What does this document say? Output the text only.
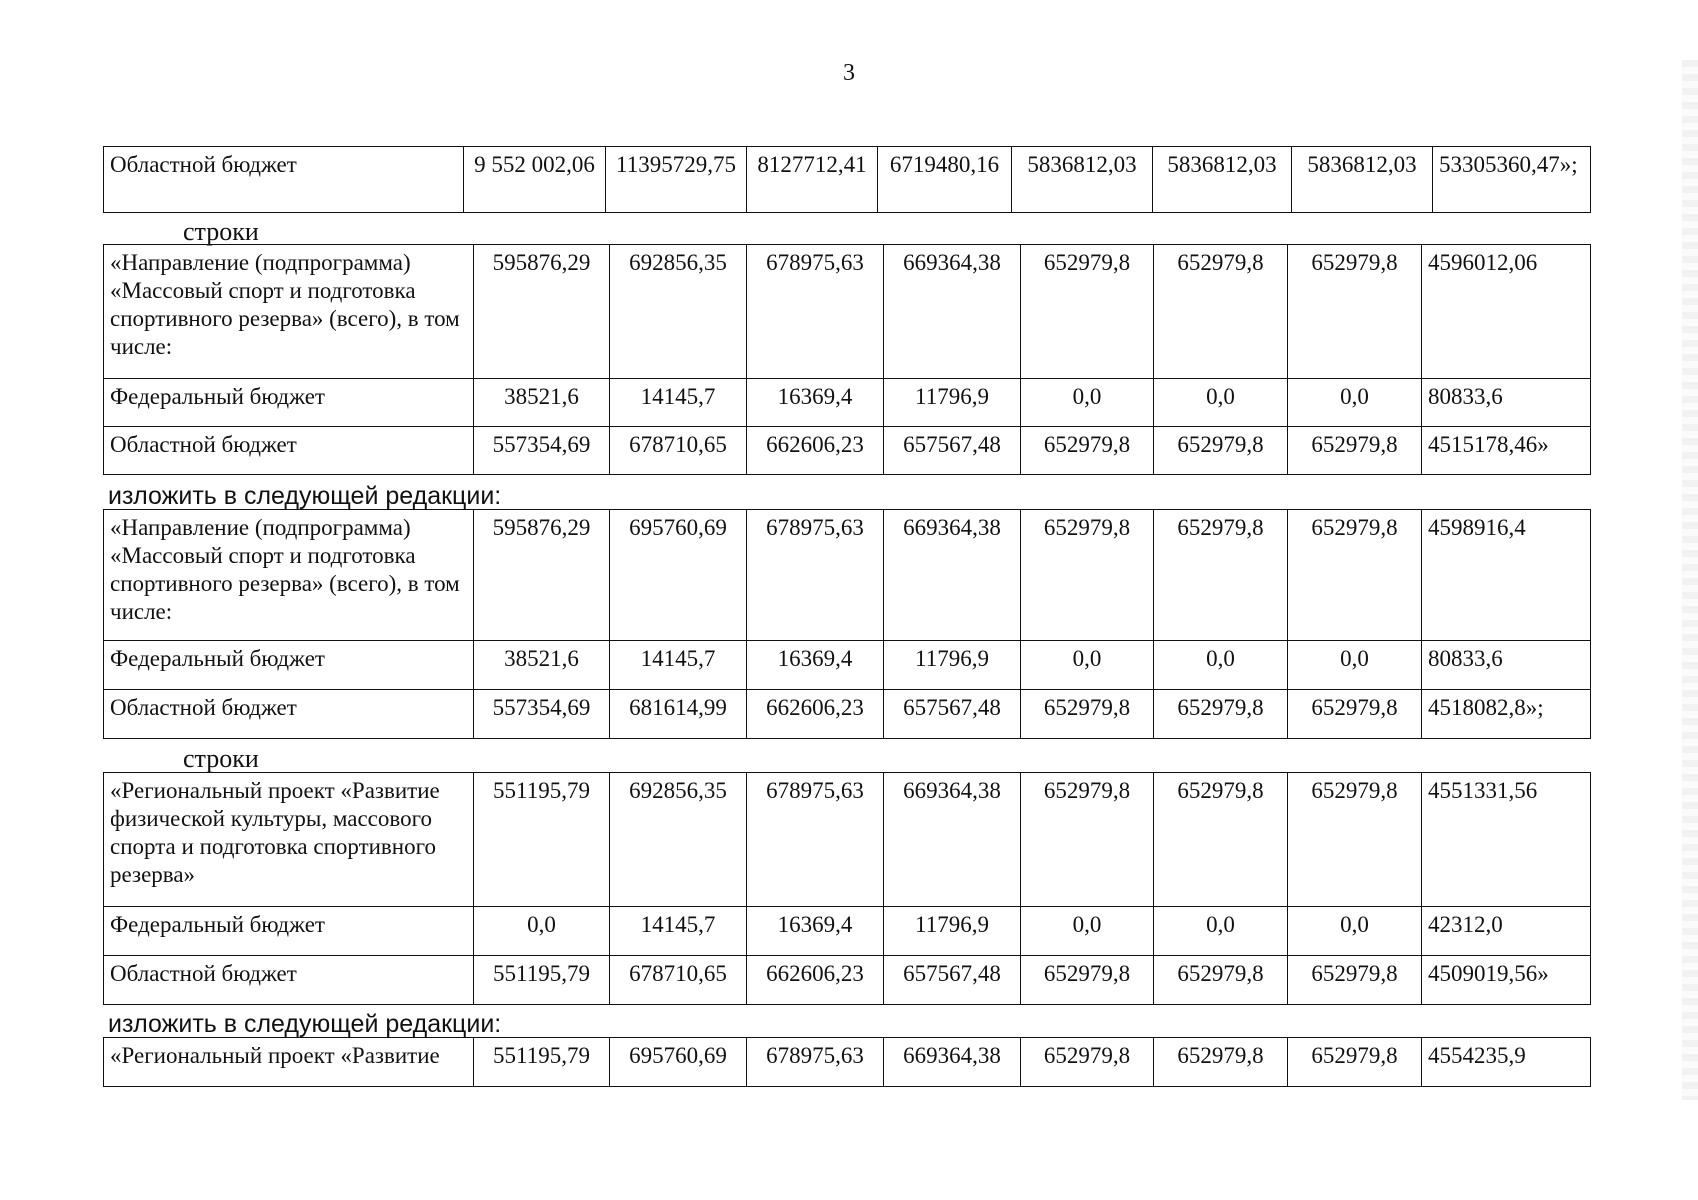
3
Областной бюджет	9 552 002,06	11395729,75	8127712,41	6719480,16	5836812,03	5836812,03	5836812,03	53305360,47»;
строки
«Направление (подпрограмма) «Массовый спорт и подготовка спортивного резерва» (всего), в том числе:	595876,29	692856,35	678975,63	669364,38	652979,8	652979,8	652979,8	4596012,06
Федеральный бюджет	38521,6	14145,7	16369,4	11796,9	0,0	0,0	0,0	80833,6
Областной бюджет	557354,69	678710,65	662606,23	657567,48	652979,8	652979,8	652979,8	4515178,46»
изложить в следующей редакции:
«Направление (подпрограмма) «Массовый спорт и подготовка спортивного резерва» (всего), в том числе:	595876,29	695760,69	678975,63	669364,38	652979,8	652979,8	652979,8	4598916,4
Федеральный бюджет	38521,6	14145,7	16369,4	11796,9	0,0	0,0	0,0	80833,6
Областной бюджет	557354,69	681614,99	662606,23	657567,48	652979,8	652979,8	652979,8	4518082,8»;
строки
«Региональный проект «Развитие физической культуры, массового спорта и подготовка спортивного резерва»	551195,79	692856,35	678975,63	669364,38	652979,8	652979,8	652979,8	4551331,56
Федеральный бюджет	0,0	14145,7	16369,4	11796,9	0,0	0,0	0,0	42312,0
Областной бюджет	551195,79	678710,65	662606,23	657567,48	652979,8	652979,8	652979,8	4509019,56»
изложить в следующей редакции:
«Региональный проект «Развитие	551195,79	695760,69	678975,63	669364,38	652979,8	652979,8	652979,8	4554235,9
